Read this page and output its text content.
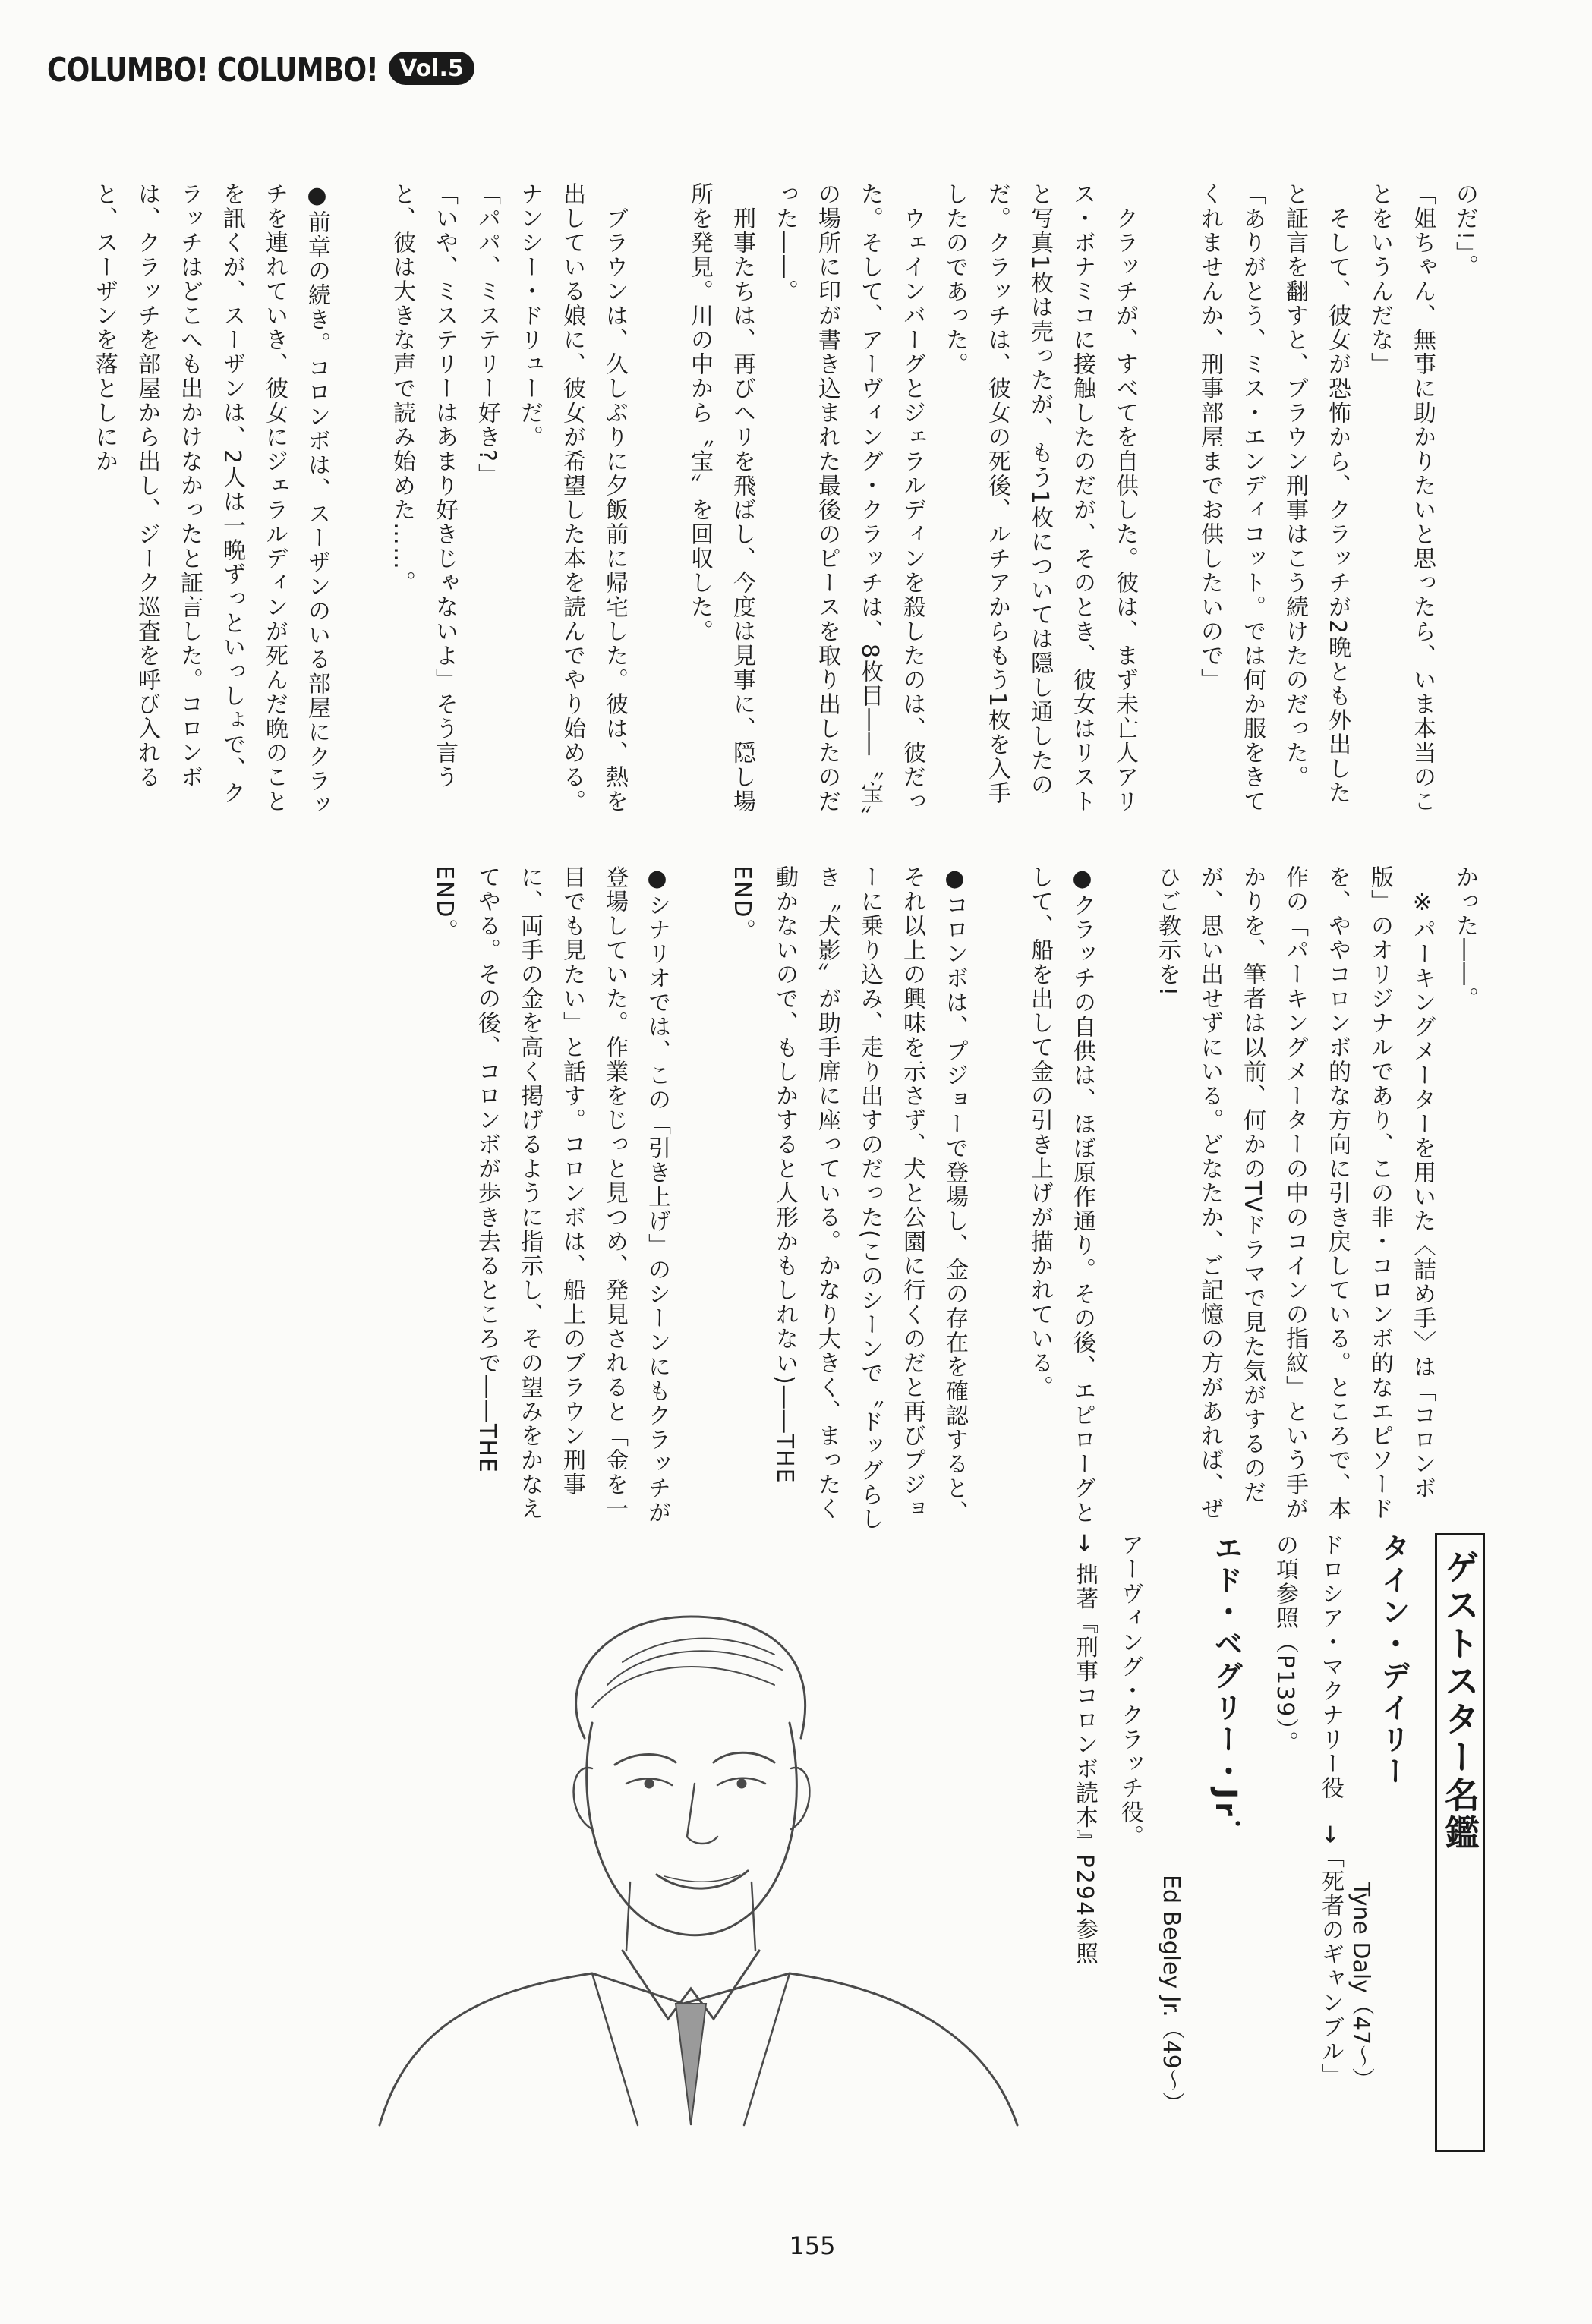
COLUMBO! COLUMBO! Vol.5

のだ!」。

「姐ちゃん、無事に助かりたいと思ったら、いま本当のことをいうんだな」

　そして、彼女が恐怖から、クラッチが2晩とも外出したと証言を翻すと、ブラウン刑事はこう続けたのだった。

「ありがとう、ミス・エンディコット。では何か服をきてくれませんか、刑事部屋までお供したいので」

　クラッチが、すべてを自供した。彼は、まず未亡人アリス・ボナミコに接触したのだが、そのとき、彼女はリストと写真1枚は売ったが、もう1枚については隠し通したのだ。クラッチは、彼女の死後、ルチアからもう1枚を入手したのであった。

　ウェインバーグとジェラルディンを殺したのは、彼だった。そして、アーヴィング・クラッチは、8枚目――〝宝〟の場所に印が書き込まれた最後のピースを取り出したのだった――。

　刑事たちは、再びヘリを飛ばし、今度は見事に、隠し場所を発見。川の中から〝宝〟を回収した。

　ブラウンは、久しぶりに夕飯前に帰宅した。彼は、熱を出している娘に、彼女が希望した本を読んでやり始める。ナンシー・ドリューだ。

「パパ、ミステリー好き?」

「いや、ミステリーはあまり好きじゃないよ」そう言うと、彼は大きな声で読み始めた……。

●前章の続き。コロンボは、スーザンのいる部屋にクラッチを連れていき、彼女にジェラルディンが死んだ晩のことを訊くが、スーザンは、2人は一晩ずっといっしょで、クラッチはどこへも出かけなかったと証言した。コロンボは、クラッチを部屋から出し、ジーク巡査を呼び入れると、スーザンを落としにか

かった――。

　※パーキングメーターを用いた〈詰め手〉は「コロンボ版」のオリジナルであり、この非・コロンボ的なエピソードを、ややコロンボ的な方向に引き戻している。ところで、本作の「パーキングメーターの中のコインの指紋」という手がかりを、筆者は以前、何かのTVドラマで見た気がするのだが、思い出せずにいる。どなたか、ご記憶の方があれば、ぜひご教示を!

●クラッチの自供は、ほぼ原作通り。その後、エピローグとして、船を出して金の引き上げが描かれている。

●コロンボは、プジョーで登場し、金の存在を確認すると、それ以上の興味を示さず、犬と公園に行くのだと再びプジョーに乗り込み、走り出すのだった(このシーンで〝ドッグらしき〝犬影〟が助手席に座っている。かなり大きく、まったく動かないので、もしかすると人形かもしれない)――THE　END。

●シナリオでは、この「引き上げ」のシーンにもクラッチが登場していた。作業をじっと見つめ、発見されると「金を一目でも見たい」と話す。コロンボは、船上のブラウン刑事に、両手の金を高く掲げるように指示し、その望みをかなえてやる。その後、コロンボが歩き去るところで――THE　END。

ゲストスター名鑑
タイン・デイリー
ドロシア・マクナリー役　→「死者のギャンブル」
の項参照（P139）。
Tyne Daly（47〜）
エド・ベグリー・Jr．
Ed Begley Jr.（49〜）
アーヴィング・クラッチ役。
→ 拙著『刑事コロンボ読本』P294参照
155
